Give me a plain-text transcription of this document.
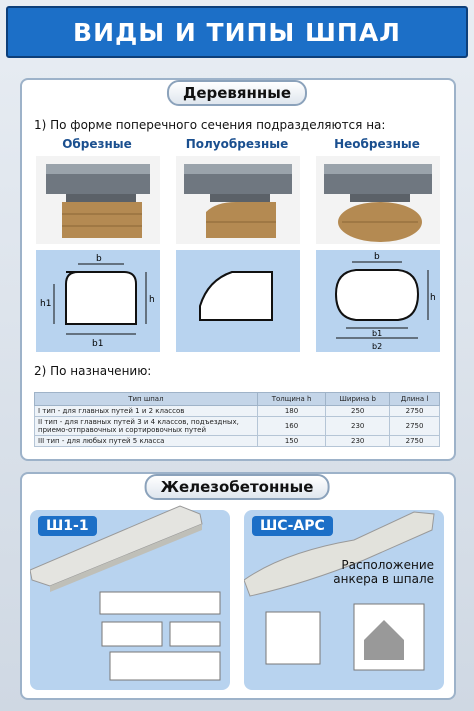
ВИДЫ И ТИПЫ ШПАЛ
Деревянные
1) По форме поперечного сечения подразделяются на:
Обрезные	Полуобрезные	Необрезные
b
b1
h
h1
b
b1
b2
h
2) По назначению:
Тип шпал	Толщина h	Ширина b	Длина l
I тип - для главных путей 1 и 2 классов	180	250	2750
II тип - для главных путей 3 и 4 классов, подъездных, приемо-отправочных и сортировочных путей	160	230	2750
III тип - для любых путей 5 класса	150	230	2750
Железобетонные
Ш1-1	ШС-АРС
Расположение
анкера в шпале
